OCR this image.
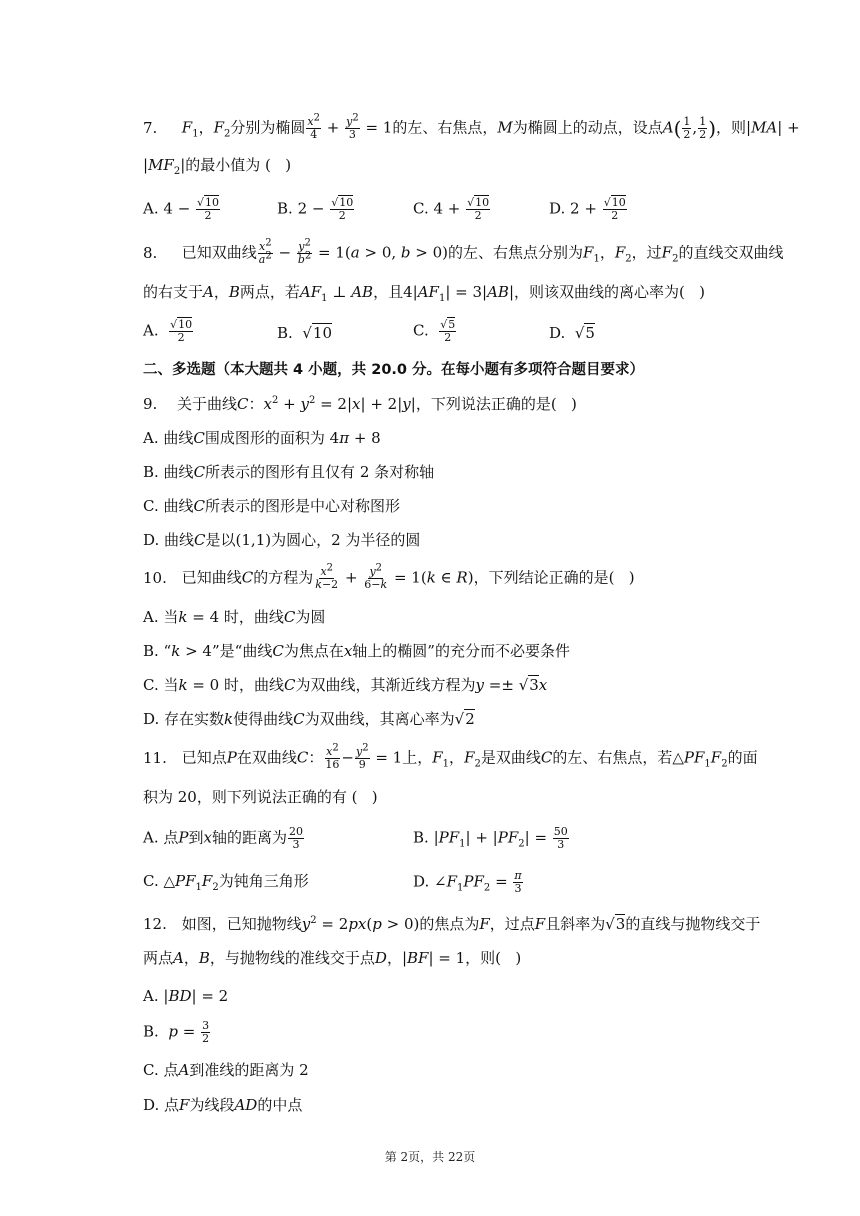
7. $F_1$，$F_2$分别为椭圆 $\frac{x^2}{4} + \frac{y^2}{3} = 1$的左、右焦点，M为椭圆上的动点，设点$A( \frac{1}{2}$ , $\frac{1}{2}$ )，则|MA| +
$|MF_2|$的最小值为 ( )
A. $4 - \frac{√10}{2}$	B. $2 - \frac{√10}{2}$	C. $4 + \frac{√10}{2}$	D. $2 + \frac{√10}{2}$
8. 已知双曲线 $\frac{x^2}{a^2} - \frac{y^2}{b^2} = 1(a > 0$, b > 0)的左、右焦点分别为$F_1$，$F_2$，过$F_2$的直线交双曲线
的右支于A，B两点，若$AF_1$ ⊥ AB，且$4|AF_1| = 3|AB|$，则该双曲线的离心率为( )
A. $\frac{√10}{2}$	B. √10	C. $\frac{√5}{2}$	D. √5
二、多选题（本大题共 4 小题，共 20.0 分。在每小题有多项符合题目要求）
9. 关于曲线C：$x^2 + y^2 = 2|x| + 2|y|$，下列说法正确的是( )
A. 曲线C围成图形的面积为 4π + 8
B. 曲线C所表示的图形有且仅有 2 条对称轴
C. 曲线C所表示的图形是中心对称图形
D. 曲线C是以(1,1)为圆心，2 为半径的圆
10. 已知曲线C的方程为 $\frac{x^2}{k-2} + \frac{y^2}{6-k} = 1(k$ ∈ R)，下列结论正确的是( )
A. 当k = 4 时，曲线C为圆
B. “k > 4”是“曲线C为焦点在x轴上的椭圆”的充分而不必要条件
C. 当k = 0 时，曲线C为双曲线，其渐近线方程为y =± √3x
D. 存在实数k使得曲线C为双曲线，其离心率为√2
11. 已知点P在双曲线C： $\frac{x^2}{16} - \frac{y^2}{9} = 1$上，$F_1$，$F_2$是双曲线C的左、右焦点，若$\triangle PF_1F_2$的面
积为 20，则下列说法正确的有 ( )
A. 点P到x轴的距离为 $\frac{20}{3}$	B. $|PF_1| + |PF_2| = \frac{50}{3}$
C. $\triangle PF_1F_2$为钝角三角形	D. $\angle F_1PF_2 = \frac{\pi}{3}$
12. 如图，已知抛物线$y^2 = 2px(p > 0)$的焦点为F，过点F且斜率为√3的直线与抛物线交于
两点A，B，与抛物线的准线交于点D，|BF| = 1，则( )
A. |BD| = 2
B. $p = \frac{3}{2}$
C. 点A到准线的距离为 2
D. 点F为线段AD的中点
第 2页，共 22页
